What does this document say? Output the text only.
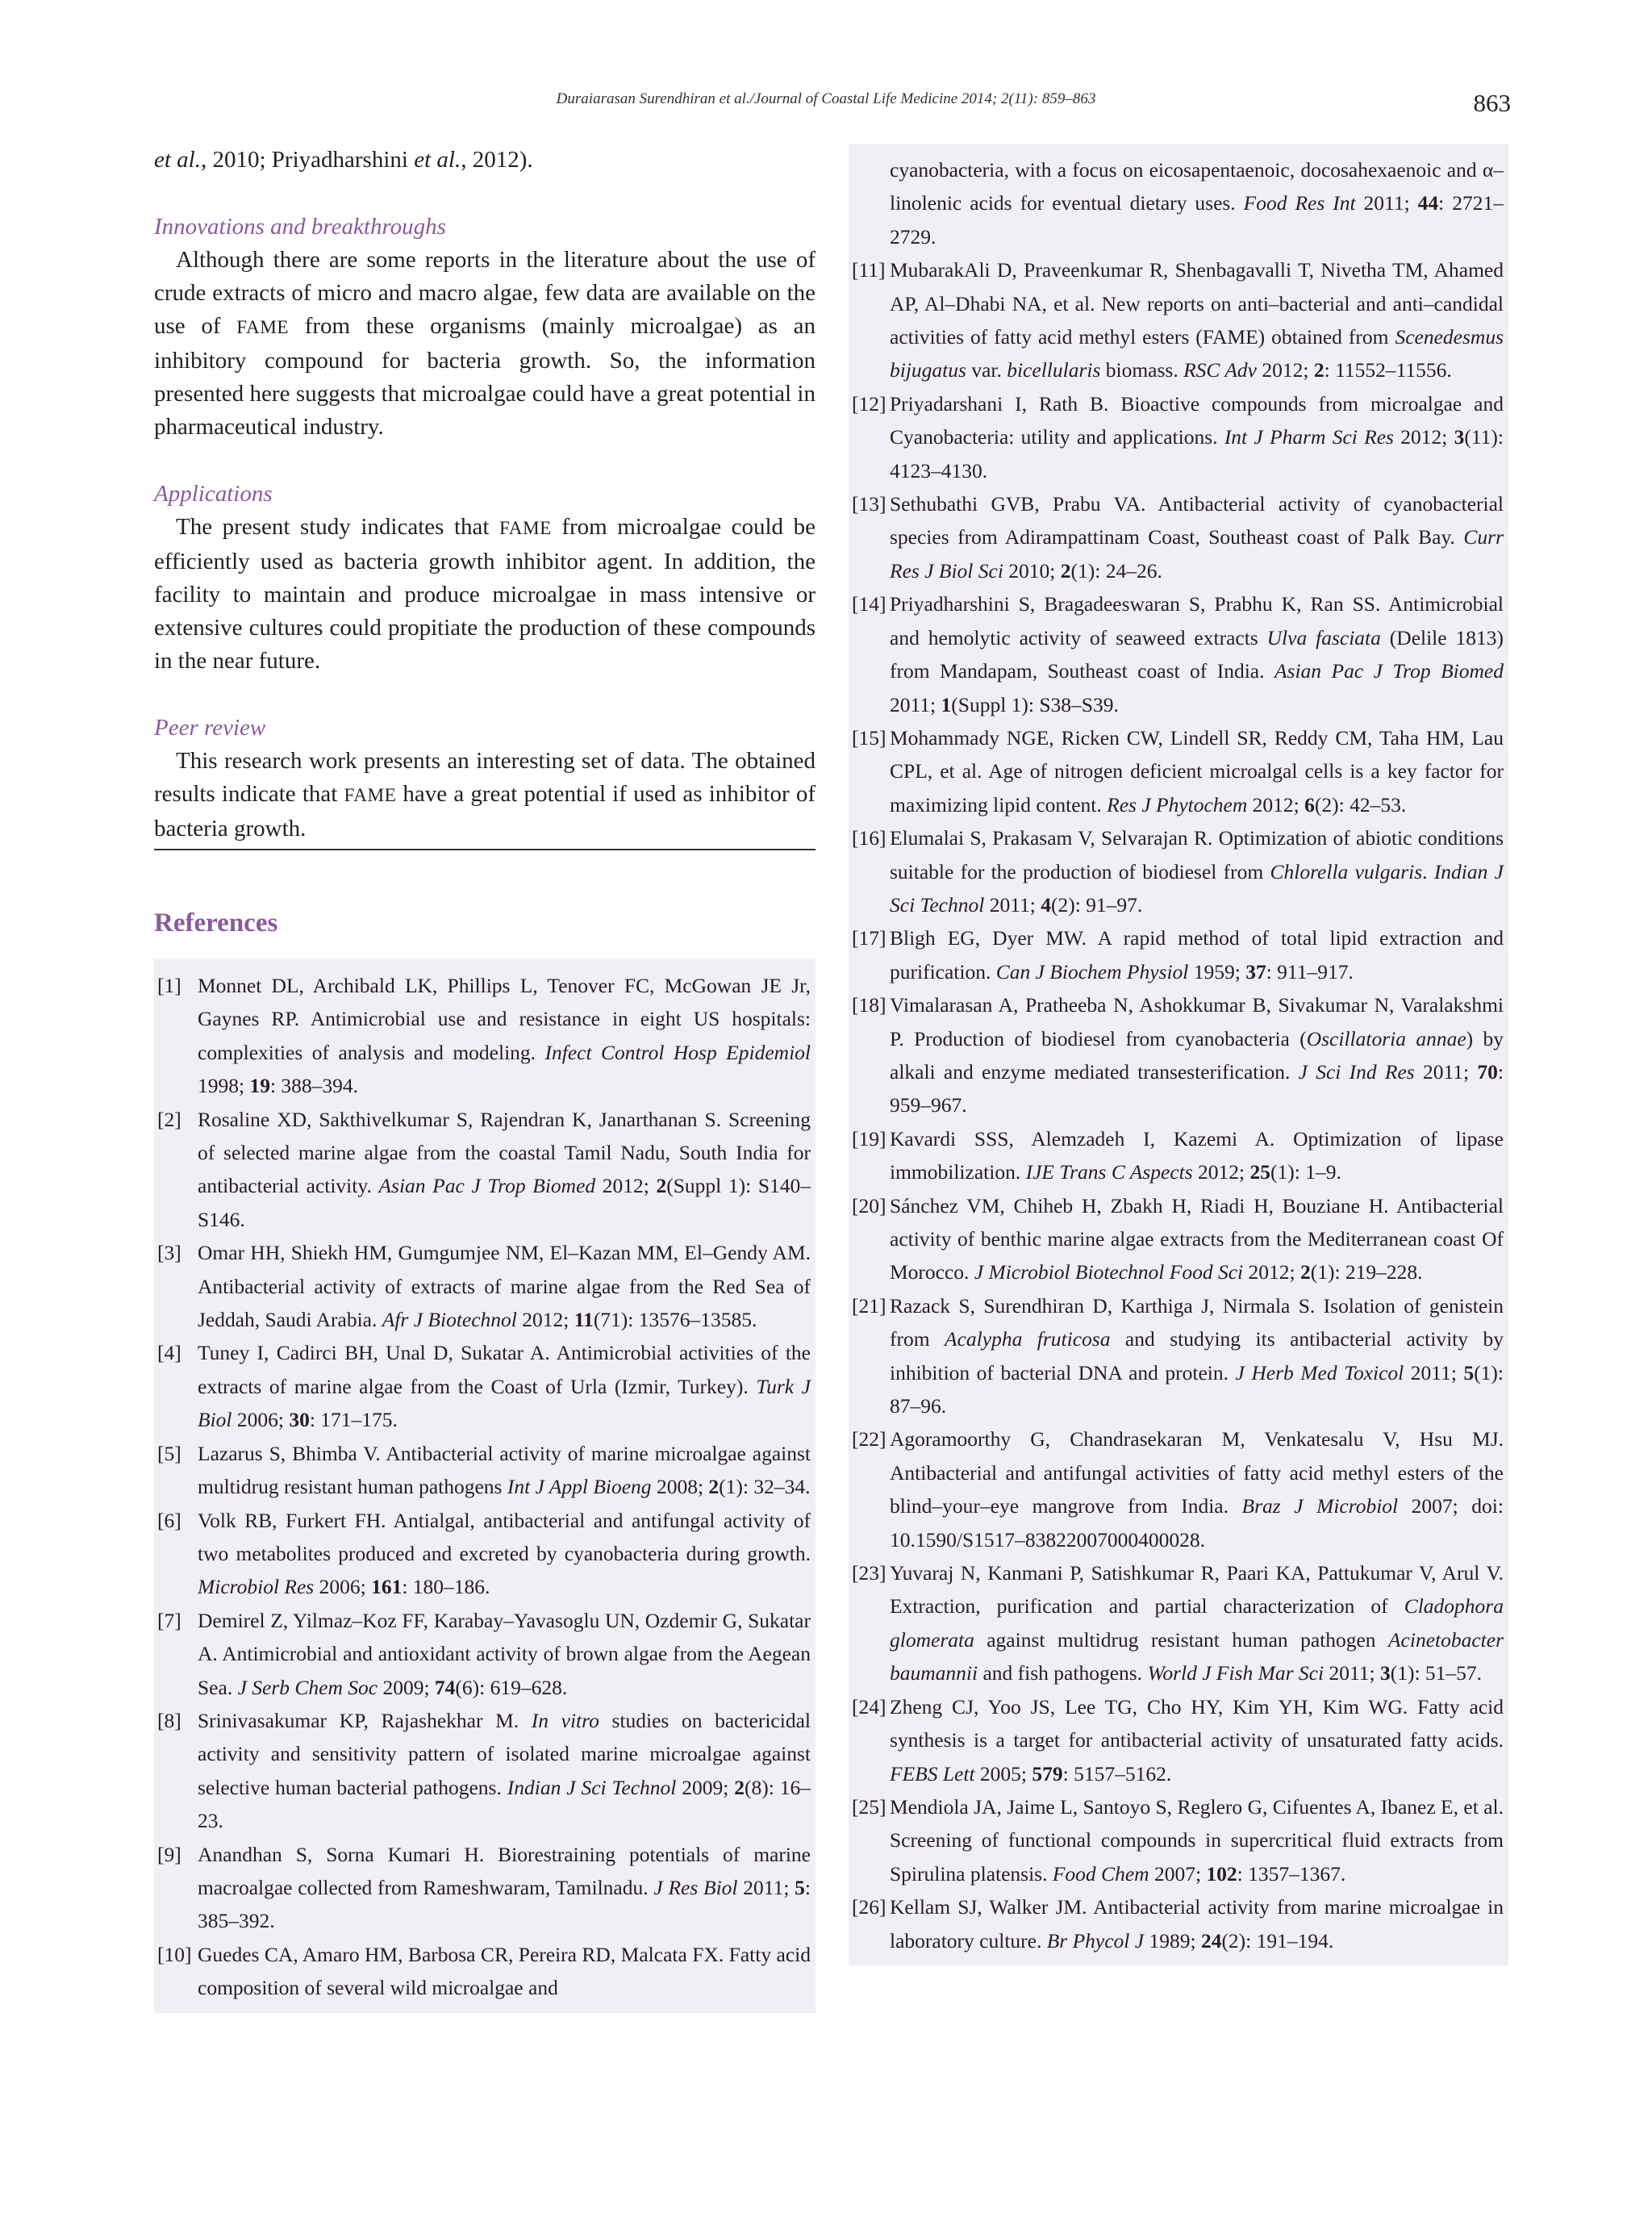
Duraiarasan Surendhiran et al./Journal of Coastal Life Medicine 2014; 2(11): 859–863	863

et al., 2010; Priyadharshini et al., 2012).

Innovations and breakthroughs

Although there are some reports in the literature about the use of crude extracts of micro and macro algae, few data are available on the use of FAME from these organisms (mainly microalgae) as an inhibitory compound for bacteria growth. So, the information presented here suggests that microalgae could have a great potential in pharmaceutical industry.

Applications

The present study indicates that FAME from microalgae could be efficiently used as bacteria growth inhibitor agent. In addition, the facility to maintain and produce microalgae in mass intensive or extensive cultures could propitiate the production of these compounds in the near future.

Peer review

This research work presents an interesting set of data. The obtained results indicate that FAME have a great potential if used as inhibitor of bacteria growth.

References
[1] Monnet DL, Archibald LK, Phillips L, Tenover FC, McGowan JE Jr, Gaynes RP. Antimicrobial use and resistance in eight US hospitals: complexities of analysis and modeling. Infect Control Hosp Epidemiol 1998; 19: 388–394.
[2] Rosaline XD, Sakthivelkumar S, Rajendran K, Janarthanan S. Screening of selected marine algae from the coastal Tamil Nadu, South India for antibacterial activity. Asian Pac J Trop Biomed 2012; 2(Suppl 1): S140–S146.
[3] Omar HH, Shiekh HM, Gumgumjee NM, El–Kazan MM, El–Gendy AM. Antibacterial activity of extracts of marine algae from the Red Sea of Jeddah, Saudi Arabia. Afr J Biotechnol 2012; 11(71): 13576–13585.
[4] Tuney I, Cadirci BH, Unal D, Sukatar A. Antimicrobial activities of the extracts of marine algae from the Coast of Urla (Izmir, Turkey). Turk J Biol 2006; 30: 171–175.
[5] Lazarus S, Bhimba V. Antibacterial activity of marine microalgae against multidrug resistant human pathogens Int J Appl Bioeng 2008; 2(1): 32–34.
[6] Volk RB, Furkert FH. Antialgal, antibacterial and antifungal activity of two metabolites produced and excreted by cyanobacteria during growth. Microbiol Res 2006; 161: 180–186.
[7] Demirel Z, Yilmaz–Koz FF, Karabay–Yavasoglu UN, Ozdemir G, Sukatar A. Antimicrobial and antioxidant activity of brown algae from the Aegean Sea. J Serb Chem Soc 2009; 74(6): 619–628.
[8] Srinivasakumar KP, Rajashekhar M. In vitro studies on bactericidal activity and sensitivity pattern of isolated marine microalgae against selective human bacterial pathogens. Indian J Sci Technol 2009; 2(8): 16–23.
[9] Anandhan S, Sorna Kumari H. Biorestraining potentials of marine macroalgae collected from Rameshwaram, Tamilnadu. J Res Biol 2011; 5: 385–392.
[10] Guedes CA, Amaro HM, Barbosa CR, Pereira RD, Malcata FX. Fatty acid composition of several wild microalgae and
cyanobacteria, with a focus on eicosapentaenoic, docosahexaenoic and α–linolenic acids for eventual dietary uses. Food Res Int 2011; 44: 2721–2729.
[11] MubarakAli D, Praveenkumar R, Shenbagavalli T, Nivetha TM, Ahamed AP, Al–Dhabi NA, et al. New reports on anti–bacterial and anti–candidal activities of fatty acid methyl esters (FAME) obtained from Scenedesmus bijugatus var. bicellularis biomass. RSC Adv 2012; 2: 11552–11556.
[12] Priyadarshani I, Rath B. Bioactive compounds from microalgae and Cyanobacteria: utility and applications. Int J Pharm Sci Res 2012; 3(11): 4123–4130.
[13] Sethubathi GVB, Prabu VA. Antibacterial activity of cyanobacterial species from Adirampattinam Coast, Southeast coast of Palk Bay. Curr Res J Biol Sci 2010; 2(1): 24–26.
[14] Priyadharshini S, Bragadeeswaran S, Prabhu K, Ran SS. Antimicrobial and hemolytic activity of seaweed extracts Ulva fasciata (Delile 1813) from Mandapam, Southeast coast of India. Asian Pac J Trop Biomed 2011; 1(Suppl 1): S38–S39.
[15] Mohammady NGE, Ricken CW, Lindell SR, Reddy CM, Taha HM, Lau CPL, et al. Age of nitrogen deficient microalgal cells is a key factor for maximizing lipid content. Res J Phytochem 2012; 6(2): 42–53.
[16] Elumalai S, Prakasam V, Selvarajan R. Optimization of abiotic conditions suitable for the production of biodiesel from Chlorella vulgaris. Indian J Sci Technol 2011; 4(2): 91–97.
[17] Bligh EG, Dyer MW. A rapid method of total lipid extraction and purification. Can J Biochem Physiol 1959; 37: 911–917.
[18] Vimalarasan A, Pratheeba N, Ashokkumar B, Sivakumar N, Varalakshmi P. Production of biodiesel from cyanobacteria (Oscillatoria annae) by alkali and enzyme mediated transesterification. J Sci Ind Res 2011; 70: 959–967.
[19] Kavardi SSS, Alemzadeh I, Kazemi A. Optimization of lipase immobilization. IJE Trans C Aspects 2012; 25(1): 1–9.
[20] Sánchez VM, Chiheb H, Zbakh H, Riadi H, Bouziane H. Antibacterial activity of benthic marine algae extracts from the Mediterranean coast Of Morocco. J Microbiol Biotechnol Food Sci 2012; 2(1): 219–228.
[21] Razack S, Surendhiran D, Karthiga J, Nirmala S. Isolation of genistein from Acalypha fruticosa and studying its antibacterial activity by inhibition of bacterial DNA and protein. J Herb Med Toxicol 2011; 5(1): 87–96.
[22] Agoramoorthy G, Chandrasekaran M, Venkatesalu V, Hsu MJ. Antibacterial and antifungal activities of fatty acid methyl esters of the blind–your–eye mangrove from India. Braz J Microbiol 2007; doi: 10.1590/S1517–83822007000400028.
[23] Yuvaraj N, Kanmani P, Satishkumar R, Paari KA, Pattukumar V, Arul V. Extraction, purification and partial characterization of Cladophora glomerata against multidrug resistant human pathogen Acinetobacter baumannii and fish pathogens. World J Fish Mar Sci 2011; 3(1): 51–57.
[24] Zheng CJ, Yoo JS, Lee TG, Cho HY, Kim YH, Kim WG. Fatty acid synthesis is a target for antibacterial activity of unsaturated fatty acids. FEBS Lett 2005; 579: 5157–5162.
[25] Mendiola JA, Jaime L, Santoyo S, Reglero G, Cifuentes A, Ibanez E, et al. Screening of functional compounds in supercritical fluid extracts from Spirulina platensis. Food Chem 2007; 102: 1357–1367.
[26] Kellam SJ, Walker JM. Antibacterial activity from marine microalgae in laboratory culture. Br Phycol J 1989; 24(2): 191–194.
